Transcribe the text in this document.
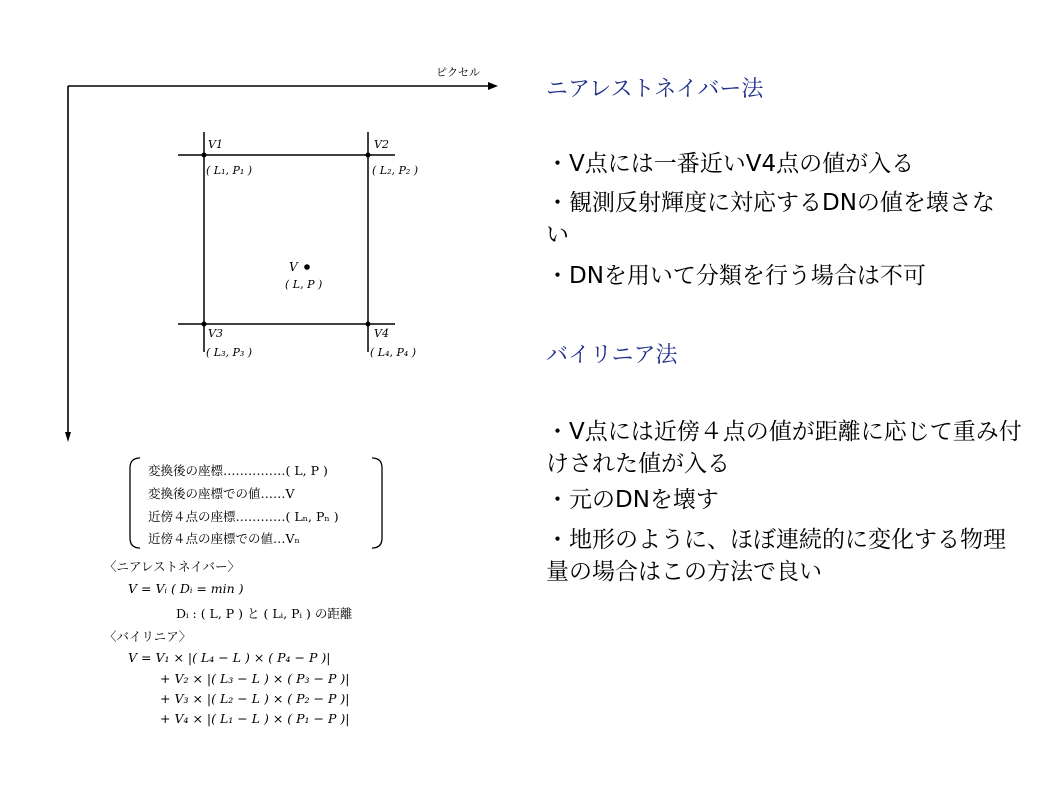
ピクセル
V1
( L₁, P₁ )
V2
( L₂, P₂ )
V3
( L₃, P₃ )
V4
( L₄, P₄ )
V
( L, P )
変換後の座標……………( L, P )
変換後の座標での値……V
近傍４点の座標…………( Lₙ, Pₙ )
近傍４点の座標での値…Vₙ
〈ニアレストネイバー〉
V = Vᵢ ( Dᵢ = min )
Dᵢ : ( L, P ) と ( Lᵢ, Pᵢ ) の距離
〈バイリニア〉
V = V₁ × |( L₄ − L ) × ( P₄ − P )|
+ V₂ × |( L₃ − L ) × ( P₃ − P )|
+ V₃ × |( L₂ − L ) × ( P₂ − P )|
+ V₄ × |( L₁ − L ) × ( P₁ − P )|
ニアレストネイバー法
・V点には一番近いV4点の値が入る
・観測反射輝度に対応するDNの値を壊さない
・DNを用いて分類を行う場合は不可
バイリニア法
・V点には近傍４点の値が距離に応じて重み付けされた値が入る
・元のDNを壊す
・地形のように、ほぼ連続的に変化する物理量の場合はこの方法で良い
